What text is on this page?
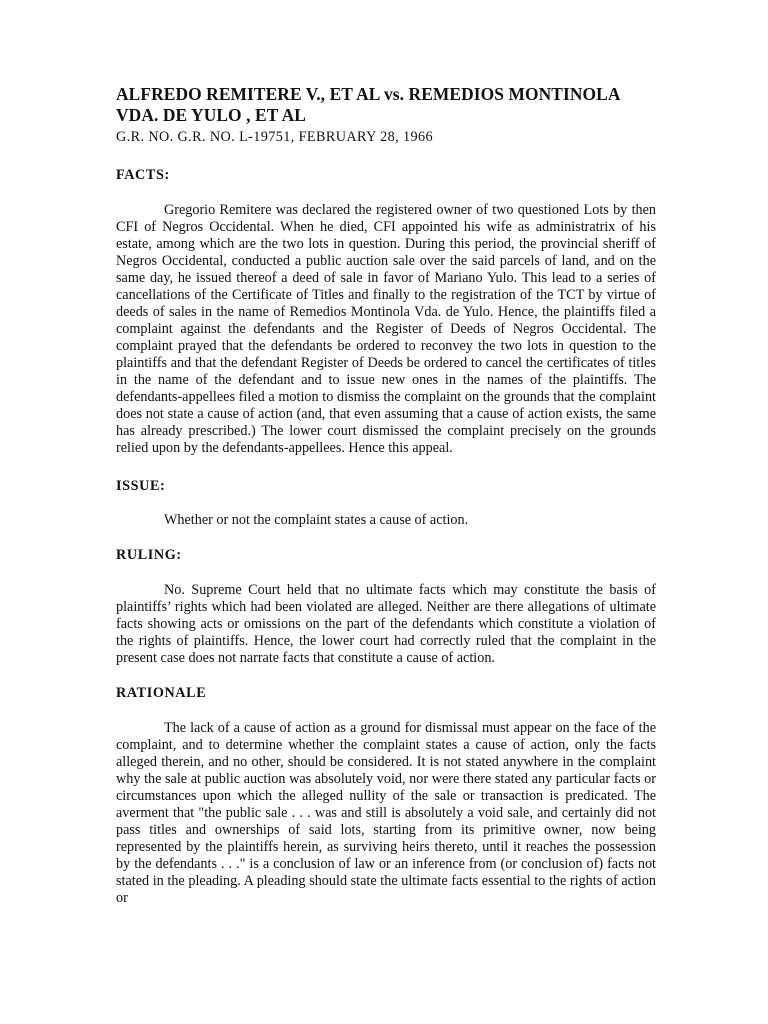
ALFREDO REMITERE V., ET AL vs. REMEDIOS MONTINOLA VDA. DE YULO , ET AL

G.R. NO. G.R. NO. L-19751, FEBRUARY 28, 1966

FACTS:

Gregorio Remitere was declared the registered owner of two questioned Lots by then CFI of Negros Occidental. When he died, CFI appointed his wife as administratrix of his estate, among which are the two lots in question. During this period, the provincial sheriff of Negros Occidental, conducted a public auction sale over the said parcels of land, and on the same day, he issued thereof a deed of sale in favor of Mariano Yulo. This lead to a series of cancellations of the Certificate of Titles and finally to the registration of the TCT by virtue of deeds of sales in the name of Remedios Montinola Vda. de Yulo. Hence, the plaintiffs filed a complaint against the defendants and the Register of Deeds of Negros Occidental. The complaint prayed that the defendants be ordered to reconvey the two lots in question to the plaintiffs and that the defendant Register of Deeds be ordered to cancel the certificates of titles in the name of the defendant and to issue new ones in the names of the plaintiffs. The defendants-appellees filed a motion to dismiss the complaint on the grounds that the complaint does not state a cause of action (and, that even assuming that a cause of action exists, the same has already prescribed.) The lower court dismissed the complaint precisely on the grounds relied upon by the defendants-appellees. Hence this appeal.

ISSUE:

Whether or not the complaint states a cause of action.

RULING:

No. Supreme Court held that no ultimate facts which may constitute the basis of plaintiffs’ rights which had been violated are alleged. Neither are there allegations of ultimate facts showing acts or omissions on the part of the defendants which constitute a violation of the rights of plaintiffs. Hence, the lower court had correctly ruled that the complaint in the present case does not narrate facts that constitute a cause of action.

RATIONALE

The lack of a cause of action as a ground for dismissal must appear on the face of the complaint, and to determine whether the complaint states a cause of action, only the facts alleged therein, and no other, should be considered. It is not stated anywhere in the complaint why the sale at public auction was absolutely void, nor were there stated any particular facts or circumstances upon which the alleged nullity of the sale or transaction is predicated. The averment that "the public sale . . . was and still is absolutely a void sale, and certainly did not pass titles and ownerships of said lots, starting from its primitive owner, now being represented by the plaintiffs herein, as surviving heirs thereto, until it reaches the possession by the defendants . . ." is a conclusion of law or an inference from (or conclusion of) facts not stated in the pleading. A pleading should state the ultimate facts essential to the rights of action or
